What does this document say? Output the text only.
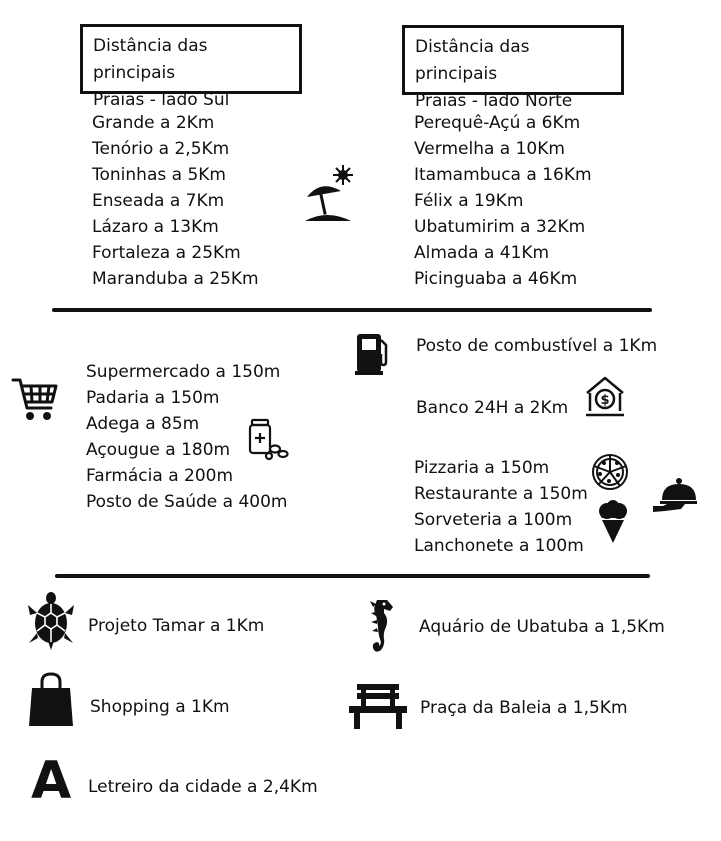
Distância das principais
Praias - lado Sul
Distância das principais
Praias - lado Norte
Grande a 2Km
Tenório a 2,5Km
Toninhas a 5Km
Enseada a 7Km
Lázaro a 13Km
Fortaleza a 25Km
Maranduba a 25Km
Perequê-Açú a 6Km
Vermelha a 10Km
Itamambuca a 16Km
Félix a 19Km
Ubatumirim a 32Km
Almada a 41Km
Picinguaba a 46Km
Supermercado a 150m
Padaria a 150m
Adega a 85m
Açougue a 180m
Farmácia a 200m
Posto de Saúde a 400m
Posto de combustível a 1Km
Banco 24H a 2Km $
Pizzaria a 150m
Restaurante a 150m
Sorveteria a 100m
Lanchonete a 100m
Projeto Tamar a 1Km	Aquário de Ubatuba a 1,5Km
Shopping a 1Km	Praça da Baleia a 1,5Km
A Letreiro da cidade a 2,4Km
